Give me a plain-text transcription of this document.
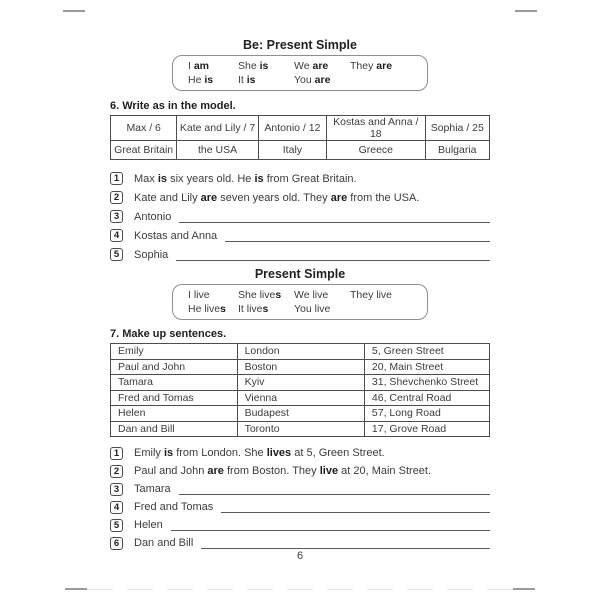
Be: Present Simple
I am	She is	We are	They are
He is	It is	You are
6. Write as in the model.
Max / 6	Kate and Lily / 7	Antonio / 12	Kostas and Anna / 18	Sophia / 25
Great Britain	the USA	Italy	Greece	Bulgaria
1	Max is six years old. He is from Great Britain.
2	Kate and Lily are seven years old. They are from the USA.
3	Antonio
4	Kostas and Anna
5	Sophia
Present Simple
I live	She lives	We live	They live
He lives	It lives	You live
7. Make up sentences.
Emily	London	5, Green Street
Paul and John	Boston	20, Main Street
Tamara	Kyiv	31, Shevchenko Street
Fred and Tomas	Vienna	46, Central Road
Helen	Budapest	57, Long Road
Dan and Bill	Toronto	17, Grove Road
1	Emily is from London. She lives at 5, Green Street.
2	Paul and John are from Boston. They live at 20, Main Street.
3	Tamara
4	Fred and Tomas
5	Helen
6	Dan and Bill
6
